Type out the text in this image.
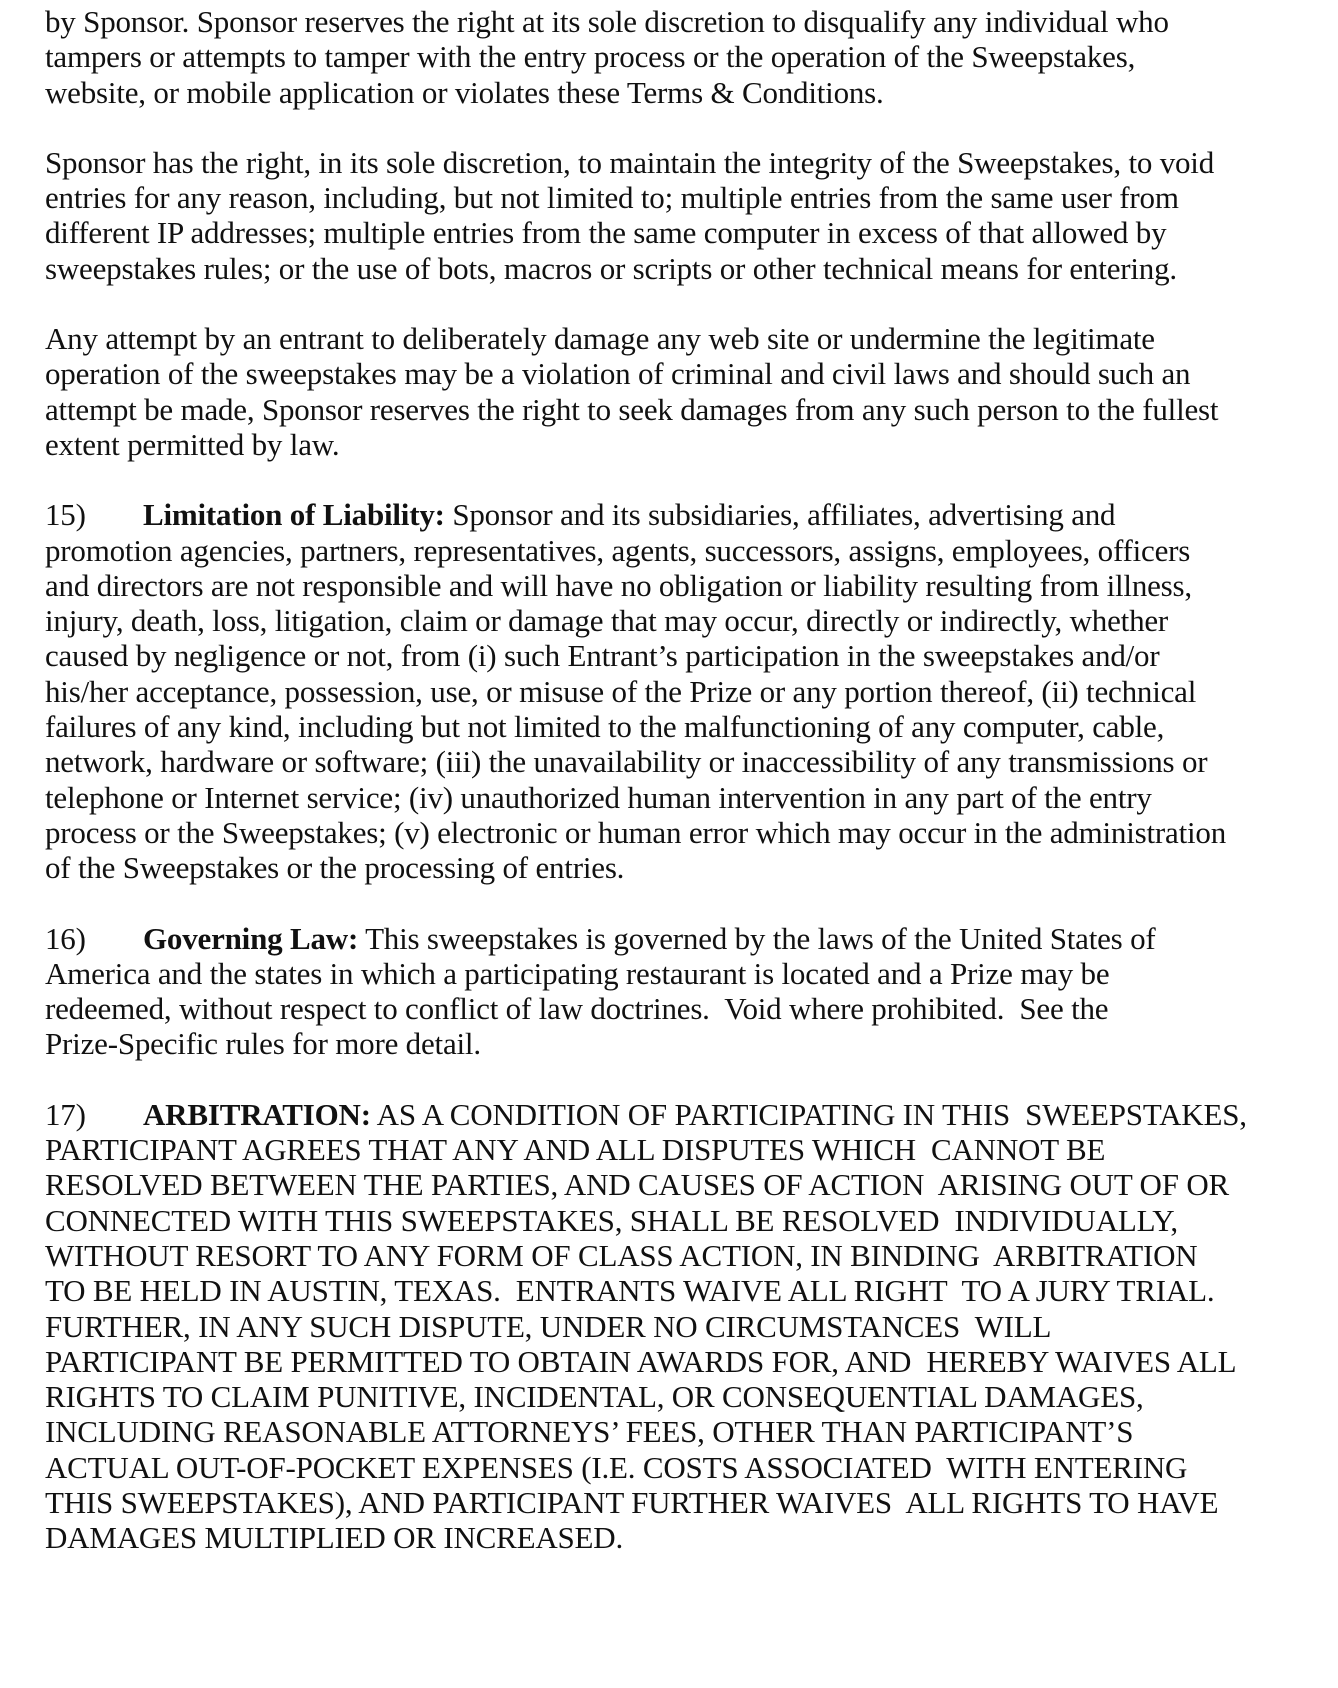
by Sponsor. Sponsor reserves the right at its sole discretion to disqualify any individual who
tampers or attempts to tamper with the entry process or the operation of the Sweepstakes,
website, or mobile application or violates these Terms & Conditions.

Sponsor has the right, in its sole discretion, to maintain the integrity of the Sweepstakes, to void
entries for any reason, including, but not limited to; multiple entries from the same user from
different IP addresses; multiple entries from the same computer in excess of that allowed by
sweepstakes rules; or the use of bots, macros or scripts or other technical means for entering.

Any attempt by an entrant to deliberately damage any web site or undermine the legitimate
operation of the sweepstakes may be a violation of criminal and civil laws and should such an
attempt be made, Sponsor reserves the right to seek damages from any such person to the fullest
extent permitted by law.

15) Limitation of Liability: Sponsor and its subsidiaries, affiliates, advertising and
promotion agencies, partners, representatives, agents, successors, assigns, employees, officers
and directors are not responsible and will have no obligation or liability resulting from illness,
injury, death, loss, litigation, claim or damage that may occur, directly or indirectly, whether
caused by negligence or not, from (i) such Entrant’s participation in the sweepstakes and/or
his/her acceptance, possession, use, or misuse of the Prize or any portion thereof, (ii) technical
failures of any kind, including but not limited to the malfunctioning of any computer, cable,
network, hardware or software; (iii) the unavailability or inaccessibility of any transmissions or
telephone or Internet service; (iv) unauthorized human intervention in any part of the entry
process or the Sweepstakes; (v) electronic or human error which may occur in the administration
of the Sweepstakes or the processing of entries.

16) Governing Law: This sweepstakes is governed by the laws of the United States of
America and the states in which a participating restaurant is located and a Prize may be
redeemed, without respect to conflict of law doctrines.  Void where prohibited.  See the
Prize-Specific rules for more detail.

17) ARBITRATION: AS A CONDITION OF PARTICIPATING IN THIS  SWEEPSTAKES,
PARTICIPANT AGREES THAT ANY AND ALL DISPUTES WHICH  CANNOT BE
RESOLVED BETWEEN THE PARTIES, AND CAUSES OF ACTION  ARISING OUT OF OR
CONNECTED WITH THIS SWEEPSTAKES, SHALL BE RESOLVED  INDIVIDUALLY,
WITHOUT RESORT TO ANY FORM OF CLASS ACTION, IN BINDING  ARBITRATION
TO BE HELD IN AUSTIN, TEXAS.  ENTRANTS WAIVE ALL RIGHT  TO A JURY TRIAL.
FURTHER, IN ANY SUCH DISPUTE, UNDER NO CIRCUMSTANCES  WILL
PARTICIPANT BE PERMITTED TO OBTAIN AWARDS FOR, AND  HEREBY WAIVES ALL
RIGHTS TO CLAIM PUNITIVE, INCIDENTAL, OR CONSEQUENTIAL DAMAGES,
INCLUDING REASONABLE ATTORNEYS’ FEES, OTHER THAN PARTICIPANT’S
ACTUAL OUT-OF-POCKET EXPENSES (I.E. COSTS ASSOCIATED  WITH ENTERING
THIS SWEEPSTAKES), AND PARTICIPANT FURTHER WAIVES  ALL RIGHTS TO HAVE
DAMAGES MULTIPLIED OR INCREASED.
